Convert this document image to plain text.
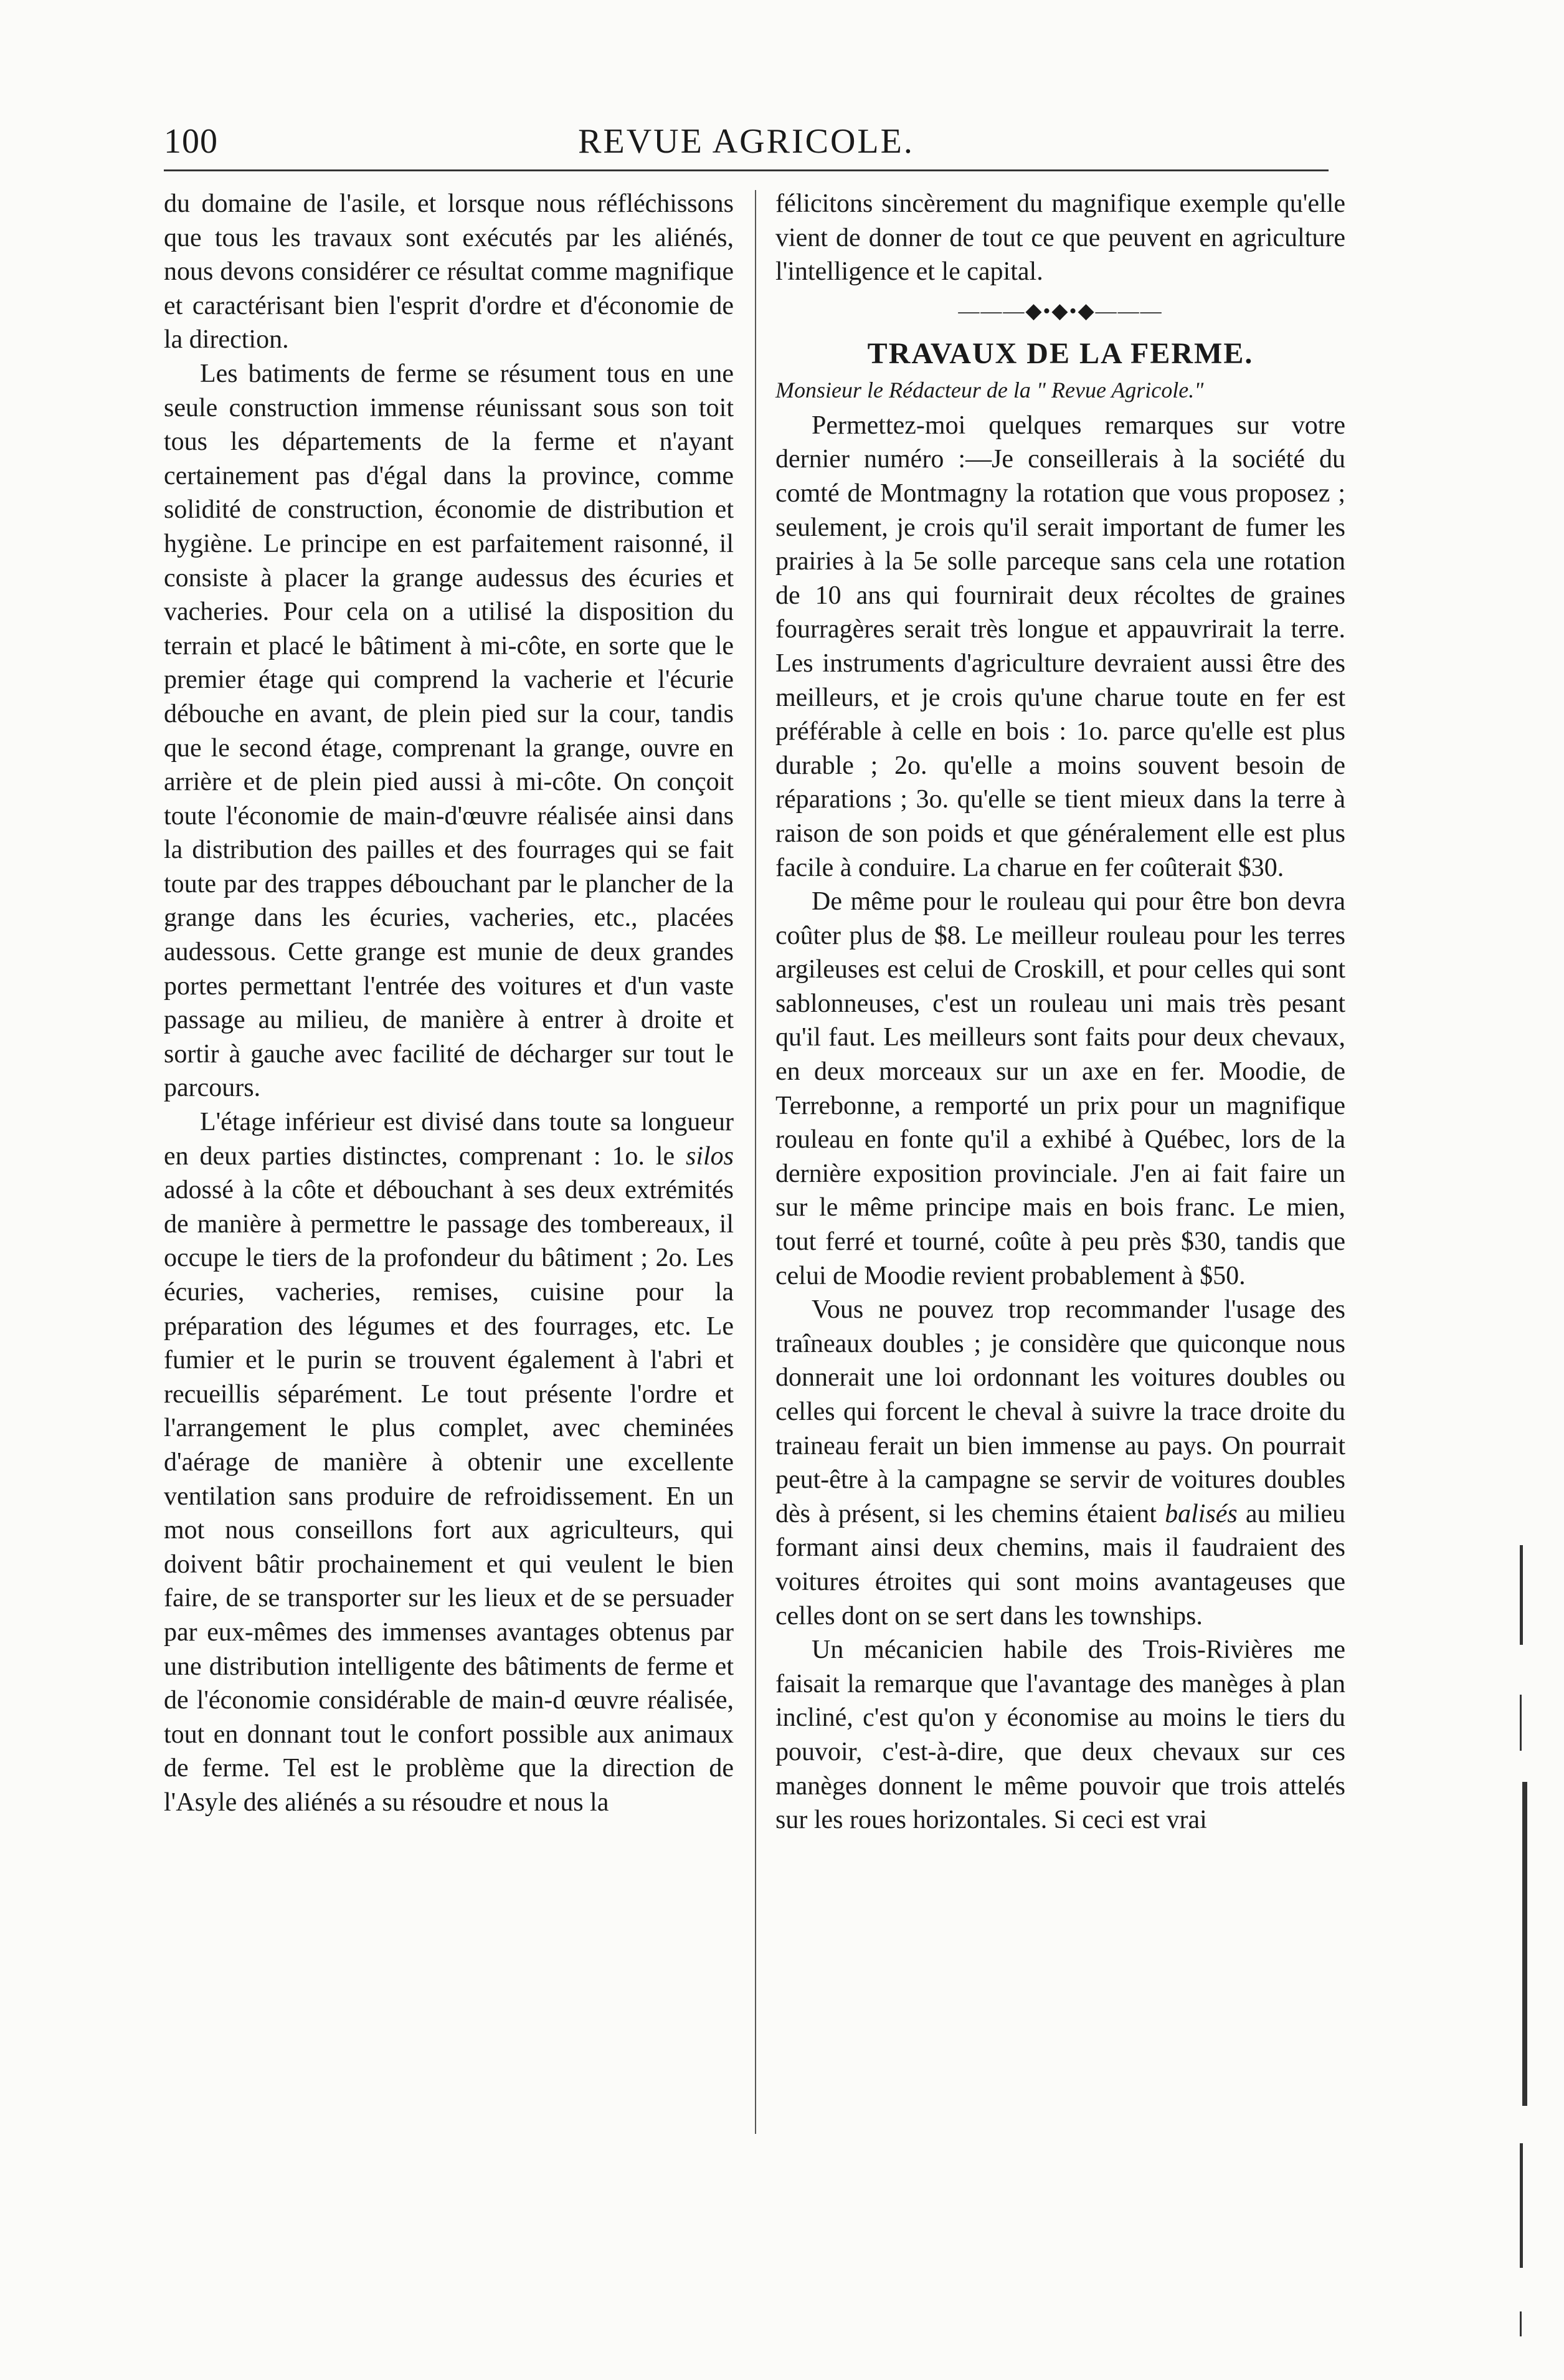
100	REVUE AGRICOLE.

du domaine de l'asile, et lorsque nous réfléchissons que tous les travaux sont exécutés par les aliénés, nous devons considérer ce résultat comme magnifique et caractérisant bien l'esprit d'ordre et d'économie de la direction.

Les batiments de ferme se résument tous en une seule construction immense réunissant sous son toit tous les départements de la ferme et n'ayant certainement pas d'égal dans la province, comme solidité de construction, économie de distribution et hygiène. Le principe en est parfaitement raisonné, il consiste à placer la grange audessus des écuries et vacheries. Pour cela on a utilisé la disposition du terrain et placé le bâtiment à mi-côte, en sorte que le premier étage qui comprend la vacherie et l'écurie débouche en avant, de plein pied sur la cour, tandis que le second étage, comprenant la grange, ouvre en arrière et de plein pied aussi à mi-côte. On conçoit toute l'économie de main-d'œuvre réalisée ainsi dans la distribution des pailles et des fourrages qui se fait toute par des trappes débouchant par le plancher de la grange dans les écuries, vacheries, etc., placées audessous. Cette grange est munie de deux grandes portes permettant l'entrée des voitures et d'un vaste passage au milieu, de manière à entrer à droite et sortir à gauche avec facilité de décharger sur tout le parcours.

L'étage inférieur est divisé dans toute sa longueur en deux parties distinctes, comprenant : 1o. le silos adossé à la côte et débouchant à ses deux extrémités de manière à permettre le passage des tombereaux, il occupe le tiers de la profondeur du bâtiment ; 2o. Les écuries, vacheries, remises, cuisine pour la préparation des légumes et des fourrages, etc. Le fumier et le purin se trouvent également à l'abri et recueillis séparément. Le tout présente l'ordre et l'arrangement le plus complet, avec cheminées d'aérage de manière à obtenir une excellente ventilation sans produire de refroidissement. En un mot nous conseillons fort aux agriculteurs, qui doivent bâtir prochainement et qui veulent le bien faire, de se transporter sur les lieux et de se persuader par eux-mêmes des immenses avantages obtenus par une distribution intelligente des bâtiments de ferme et de l'économie considérable de main-d œuvre réalisée, tout en donnant tout le confort possible aux animaux de ferme. Tel est le problème que la direction de l'Asyle des aliénés a su résoudre et nous la

félicitons sincèrement du magnifique exemple qu'elle vient de donner de tout ce que peuvent en agriculture l'intelligence et le capital.

———◆•◆•◆———
TRAVAUX DE LA FERME.
Monsieur le Rédacteur de la " Revue Agricole."

Permettez-moi quelques remarques sur votre dernier numéro :—Je conseillerais à la société du comté de Montmagny la rotation que vous proposez ; seulement, je crois qu'il serait important de fumer les prairies à la 5e solle parceque sans cela une rotation de 10 ans qui fournirait deux récoltes de graines fourragères serait très longue et appauvrirait la terre. Les instruments d'agriculture devraient aussi être des meilleurs, et je crois qu'une charue toute en fer est préférable à celle en bois : 1o. parce qu'elle est plus durable ; 2o. qu'elle a moins souvent besoin de réparations ; 3o. qu'elle se tient mieux dans la terre à raison de son poids et que généralement elle est plus facile à conduire. La charue en fer coûterait $30.

De même pour le rouleau qui pour être bon devra coûter plus de $8. Le meilleur rouleau pour les terres argileuses est celui de Croskill, et pour celles qui sont sablonneuses, c'est un rouleau uni mais très pesant qu'il faut. Les meilleurs sont faits pour deux chevaux, en deux morceaux sur un axe en fer. Moodie, de Terrebonne, a remporté un prix pour un magnifique rouleau en fonte qu'il a exhibé à Québec, lors de la dernière exposition provinciale. J'en ai fait faire un sur le même principe mais en bois franc. Le mien, tout ferré et tourné, coûte à peu près $30, tandis que celui de Moodie revient probablement à $50.

Vous ne pouvez trop recommander l'usage des traîneaux doubles ; je considère que quiconque nous donnerait une loi ordonnant les voitures doubles ou celles qui forcent le cheval à suivre la trace droite du traineau ferait un bien immense au pays. On pourrait peut-être à la campagne se servir de voitures doubles dès à présent, si les chemins étaient balisés au milieu formant ainsi deux chemins, mais il faudraient des voitures étroites qui sont moins avantageuses que celles dont on se sert dans les townships.

Un mécanicien habile des Trois-Rivières me faisait la remarque que l'avantage des manèges à plan incliné, c'est qu'on y économise au moins le tiers du pouvoir, c'est-à-dire, que deux chevaux sur ces manèges donnent le même pouvoir que trois attelés sur les roues horizontales. Si ceci est vrai
